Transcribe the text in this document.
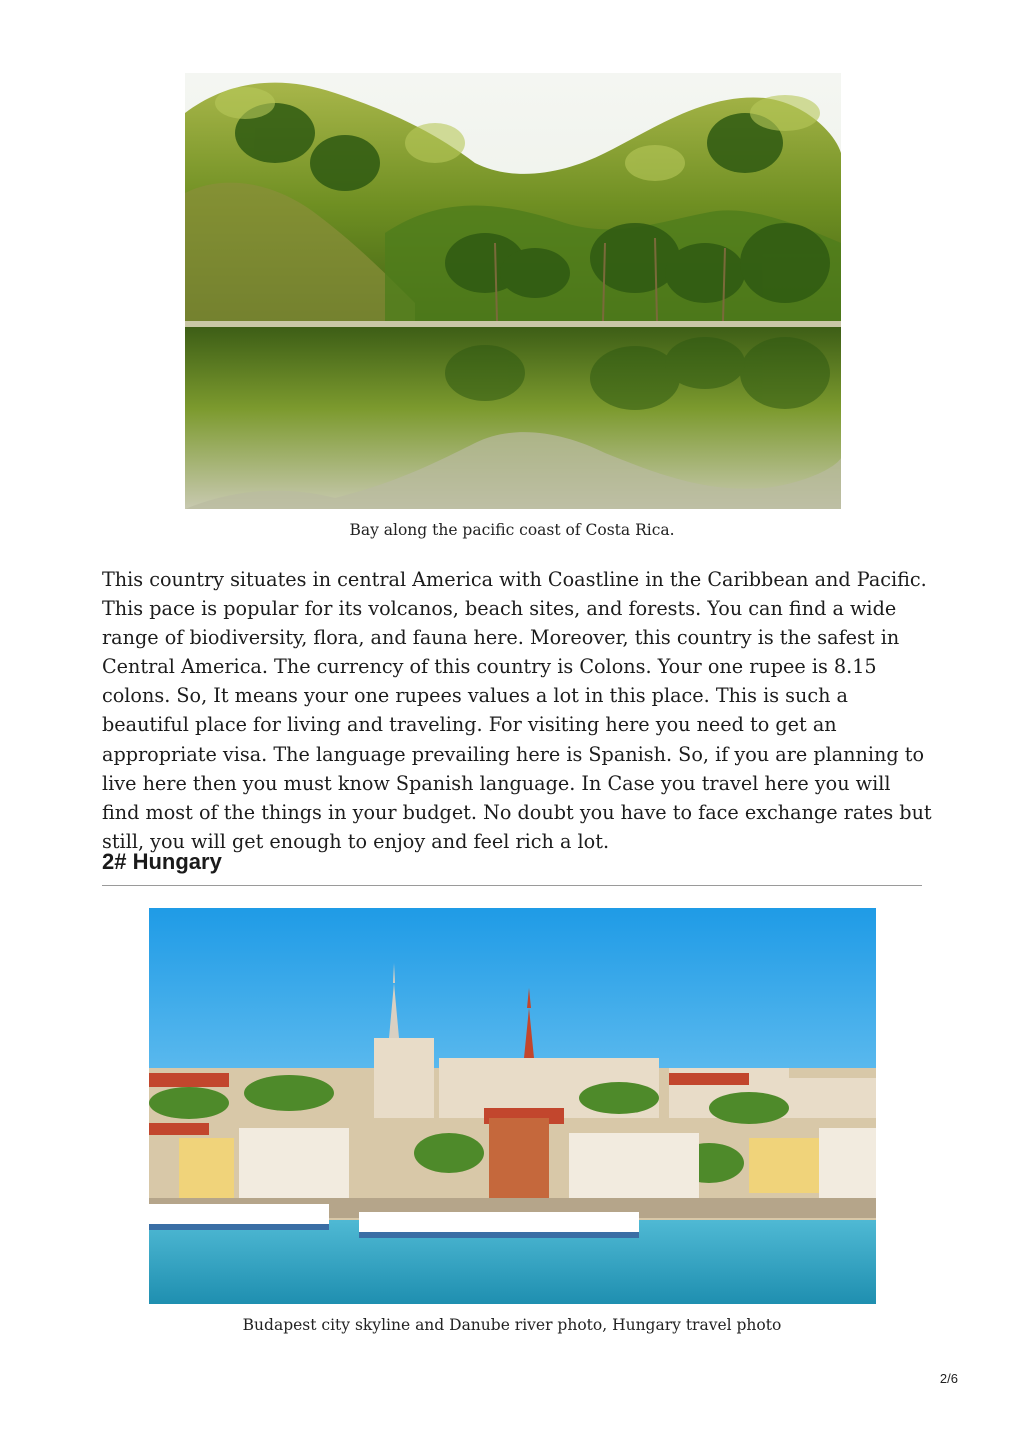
Bay along the pacific coast of Costa Rica.

This country situates in central America with Coastline in the Caribbean and Pacific. This pace is popular for its volcanos, beach sites, and forests. You can find a wide range of biodiversity, flora, and fauna here. Moreover, this country is the safest in Central America. The currency of this country is Colons. Your one rupee is 8.15 colons. So, It means your one rupees values a lot in this place. This is such a beautiful place for living and traveling. For visiting here you need to get an appropriate visa. The language prevailing here is Spanish. So, if you are planning to live here then you must know Spanish language. In Case you travel here you will find most of the things in your budget. No doubt you have to face exchange rates but still, you will get enough to enjoy and feel rich a lot.

2# Hungary
Budapest city skyline and Danube river photo, Hungary travel photo
2/6
